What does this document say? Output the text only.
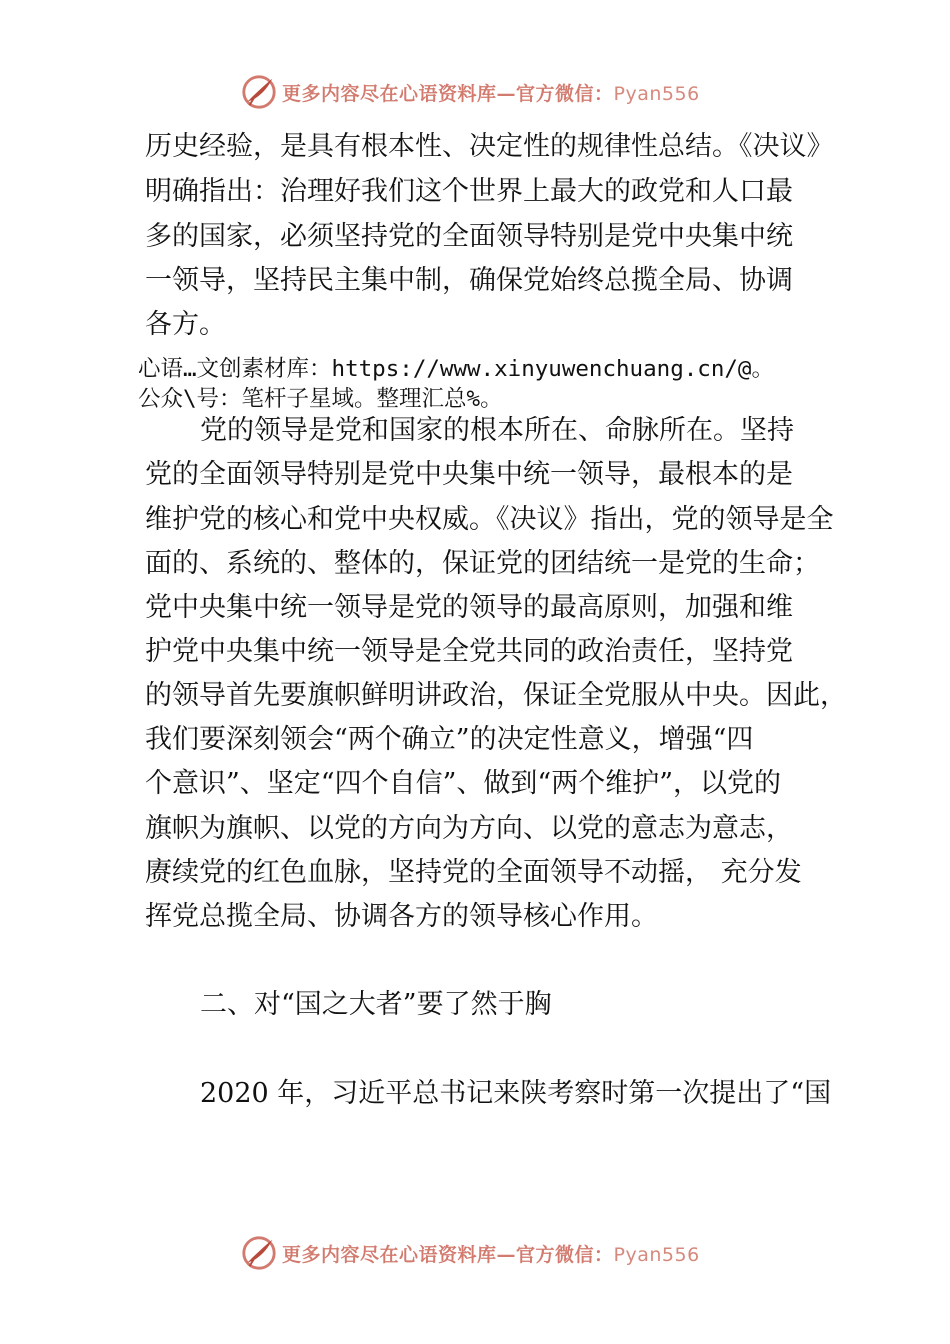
更多内容尽在心语资料库—官方微信：Pyan556
历史经验，是具有根本性、决定性的规律性总结。《决议》
明确指出：治理好我们这个世界上最大的政党和人口最
多的国家，必须坚持党的全面领导特别是党中央集中统
一领导，坚持民主集中制，确保党始终总揽全局、协调
各方。
心语…文创素材库：https://www.xinyuwenchuang.cn/@。
公众\号：笔杆子星域。整理汇总%。
党的领导是党和国家的根本所在、命脉所在。坚持
党的全面领导特别是党中央集中统一领导，最根本的是
维护党的核心和党中央权威。《决议》指出，党的领导是全
面的、系统的、整体的，保证党的团结统一是党的生命；
党中央集中统一领导是党的领导的最高原则，加强和维
护党中央集中统一领导是全党共同的政治责任，坚持党
的领导首先要旗帜鲜明讲政治，保证全党服从中央。因此，
我们要深刻领会“两个确立”的决定性意义，增强“四
个意识”、坚定“四个自信”、做到“两个维护”，以党的
旗帜为旗帜、以党的方向为方向、以党的意志为意志，
赓续党的红色血脉，坚持党的全面领导不动摇， 充分发
挥党总揽全局、协调各方的领导核心作用。
二、对“国之大者”要了然于胸
2020 年，习近平总书记来陕考察时第一次提出了“国
更多内容尽在心语资料库—官方微信：Pyan556
